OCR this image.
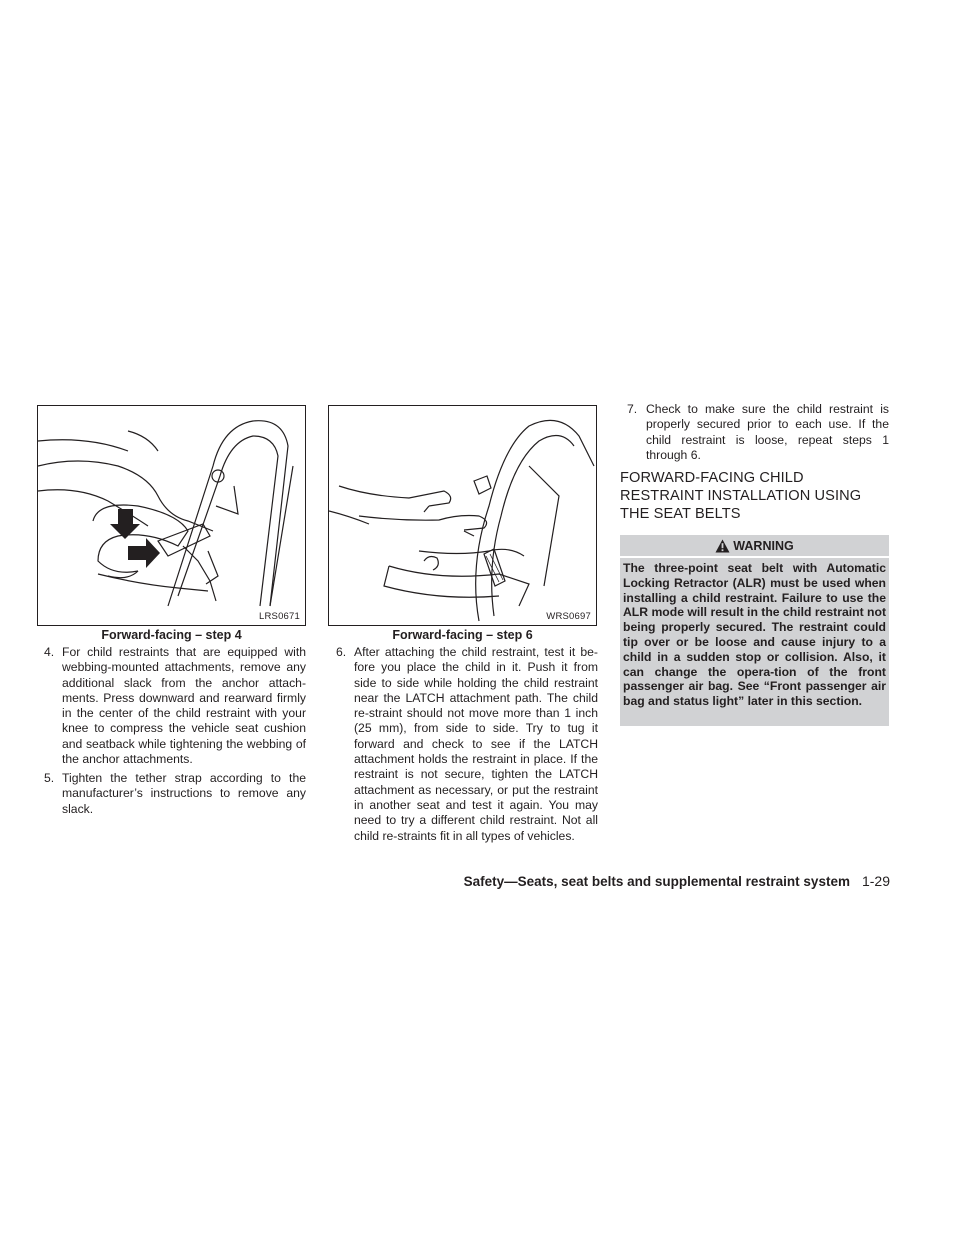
LRS0671
Forward-facing – step 4
WRS0697
Forward-facing – step 6
4. For child restraints that are equipped with webbing-mounted attachments, remove any additional slack from the anchor attach-ments. Press downward and rearward firmly in the center of the child restraint with your knee to compress the vehicle seat cushion and seatback while tightening the webbing of the anchor attachments.
5. Tighten the tether strap according to the manufacturer’s instructions to remove any slack.
6. After attaching the child restraint, test it be-fore you place the child in it. Push it from side to side while holding the child restraint near the LATCH attachment path. The child re-straint should not move more than 1 inch (25 mm), from side to side. Try to tug it forward and check to see if the LATCH attachment holds the restraint in place. If the restraint is not secure, tighten the LATCH attachment as necessary, or put the restraint in another seat and test it again. You may need to try a different child restraint. Not all child re-straints fit in all types of vehicles.
7. Check to make sure the child restraint is properly secured prior to each use. If the child restraint is loose, repeat steps 1 through 6.
FORWARD-FACING CHILD RESTRAINT INSTALLATION USING THE SEAT BELTS
WARNING
The three-point seat belt with Automatic Locking Retractor (ALR) must be used when installing a child restraint. Failure to use the ALR mode will result in the child restraint not being properly secured. The restraint could tip over or be loose and cause injury to a child in a sudden stop or collision. Also, it can change the opera-tion of the front passenger air bag. See “Front passenger air bag and status light” later in this section.
Safety—Seats, seat belts and supplemental restraint system 1-29
